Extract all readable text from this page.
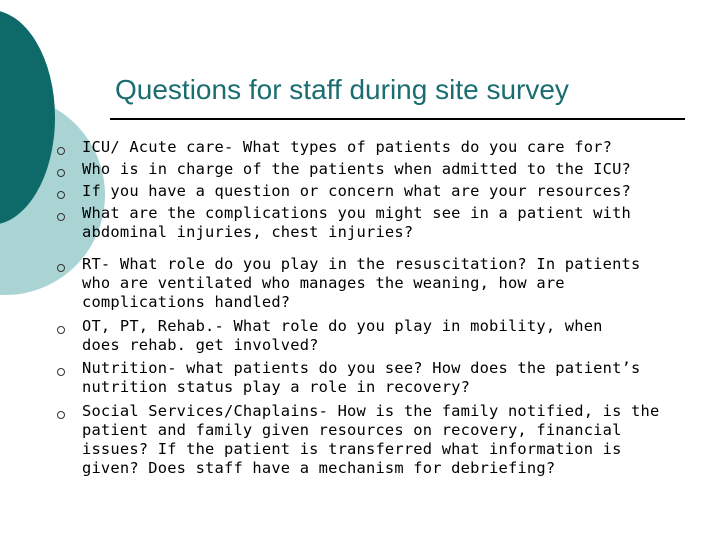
Questions for staff during site survey
ICU/ Acute care- What types of patients do you care for?
Who is in charge of the patients when admitted to the ICU?
If you have a question or concern what are your resources?
What are the complications you might see in a patient with
abdominal injuries, chest injuries?
RT- What role do you play in the resuscitation? In patients
who are ventilated who manages the weaning, how are
complications handled?
OT, PT, Rehab.- What role do you play in mobility, when
does rehab. get involved?
Nutrition- what patients do you see? How does the patient’s
nutrition status play a role in recovery?
Social Services/Chaplains- How is the family notified, is the
patient and family given resources on recovery, financial
issues? If the patient is transferred what information is
given? Does staff have a mechanism for debriefing?
